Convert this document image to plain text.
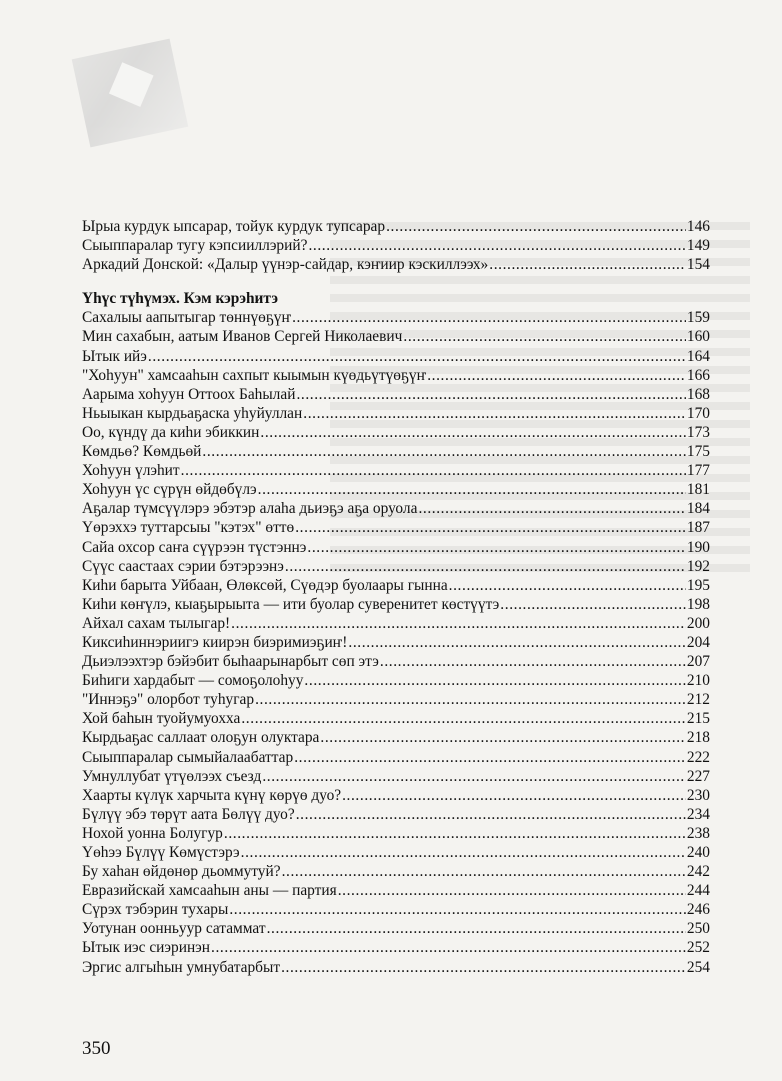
Ырыа курдук ыпсарар, тойук курдук тупсарар .....	146
Сыыппаралар тугу кэпсииллэрий? .....	149
Аркадий Донской: «Далыр үүнэр-сайдар, кэҥиир кэскиллээх» .....	154
Үһүс түһүмэх. Кэм кэрэһитэ
Сахалыы аапытыгар төннүөҕүҥ .....	159
Мин сахабын, аатым Иванов Сергей Николаевич .....	160
Ытык ийэ .....	164
"Хоһуун" хамсааһын сахпыт кыымын күөдьүтүөҕүҥ .....	166
Аарыма хоһуун Оттоох Баһылай .....	168
Ньыыкан кырдьаҕаска уһуйуллан .....	170
Оо, күндү да киһи эбиккин .....	173
Көмдьө? Көмдьөй .....	175
Хоһуун үлэһит .....	177
Хоһуун үс сүрүн өйдөбүлэ .....	181
Аҕалар түмсүүлэрэ эбэтэр алаһа дьиэҕэ аҕа оруола .....	184
Үөрэххэ туттарсыы "кэтэх" өттө .....	187
Сайа охсор саҥа сүүрээн түстэннэ .....	190
Сүүс саастаах сэрии бэтэрээнэ .....	192
Киһи барыта Уйбаан, Өлөксөй, Сүөдэр буолаары гынна .....	195
Киһи көҥүлэ, кыаҕырыыта — ити буолар суверенитет көстүүтэ .....	198
Айхал сахам тылыгар! .....	200
Киксиһиннэриигэ киирэн биэримиэҕиҥ! .....	204
Дьиэлээхтэр бэйэбит быһаарынарбыт сөп этэ .....	207
Биһиги хардабыт — сомоҕолоһуу .....	210
"Иннэҕэ" олорбот туһугар .....	212
Хой баһын туойумуохха .....	215
Кырдьаҕас саллаат олоҕун олуктара .....	218
Сыыппаралар сымыйалаабаттар .....	222
Умнуллубат үтүөлээх съезд .....	227
Хаарты күлүк харчыта күнү көрүө дуо? .....	230
Бүлүү эбэ төрүт аата Бөлүү дуо? .....	234
Нохой уонна Болугур .....	238
Үөһээ Бүлүү Көмүстэрэ .....	240
Бу хаһан өйдөнөр дьоммутуй? .....	242
Евразийскай хамсааһын аны — партия .....	244
Сүрэх тэбэрин тухары .....	246
Уотунан оонньуур сатаммат .....	250
Ытык иэс сиэринэн .....	252
Эргис алгыһын умнубатарбыт .....	254
350
